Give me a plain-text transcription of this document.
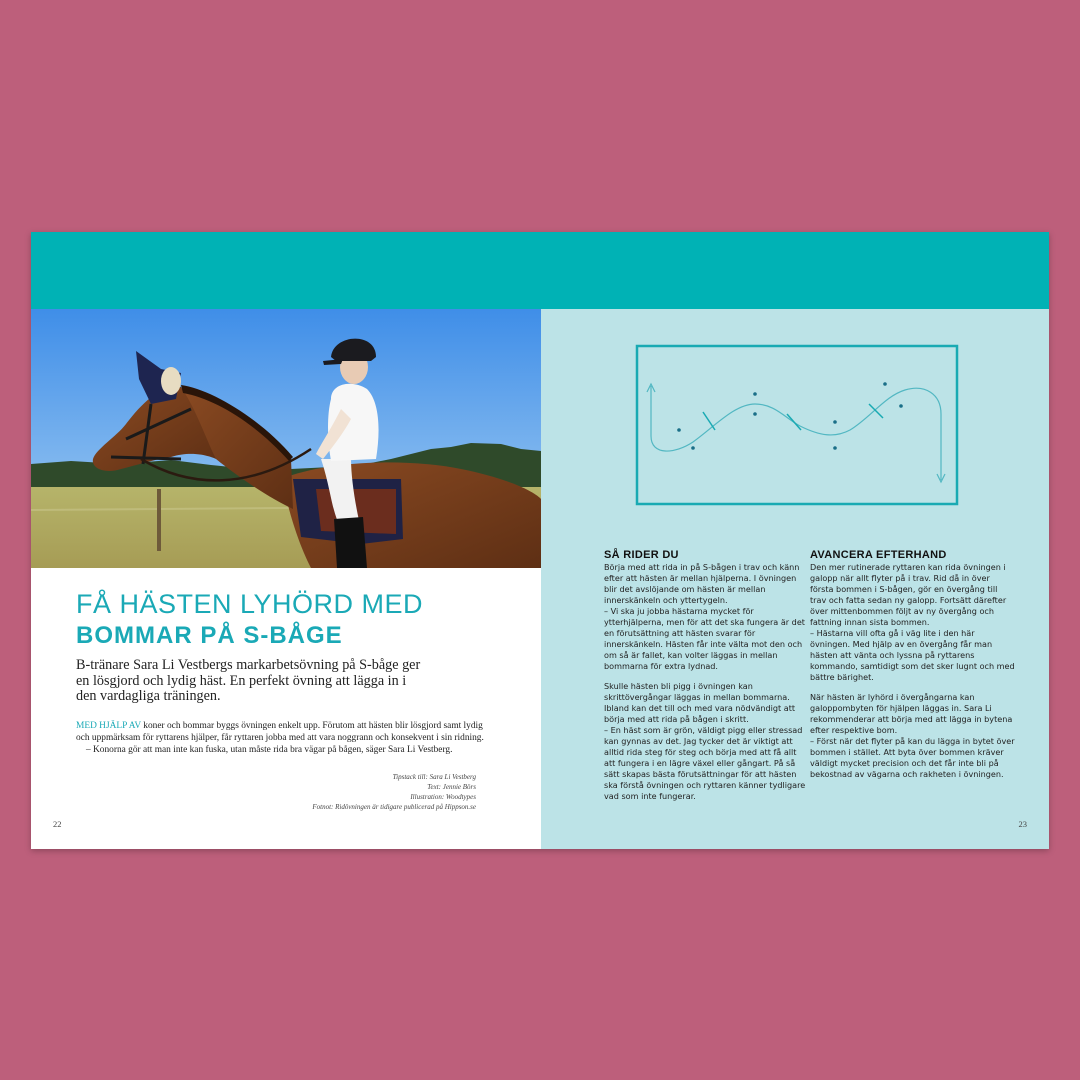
FÅ HÄSTEN LYHÖRD MED
BOMMAR PÅ S-BÅGE
B-tränare Sara Li Vestbergs markarbetsövning på S-båge ger en lösgjord och lydig häst. En perfekt övning att lägga in i den vardagliga träningen.
MED HJÄLP AV koner och bommar byggs övningen enkelt upp. Förutom att hästen blir lösgjord samt lydig och uppmärksam för ryttarens hjälper, får ryttaren jobba med att vara noggrann och konsekvent i sin ridning.
– Konorna gör att man inte kan fuska, utan måste rida bra vägar på bågen, säger Sara Li Vestberg.
Tipstack till: Sara Li Vestberg
Text: Jennie Börs
Illustration: Woodtypes
Fotnot: Ridövningen är tidigare publicerad på Hippson.se
22
SÅ RIDER DU

Börja med att rida in på S-bågen i trav och känn efter att hästen är mellan hjälperna. I övningen blir det avslöjande om hästen är mellan innerskänkeln och yttertygeln.
– Vi ska ju jobba hästarna mycket för ytterhjälperna, men för att det ska fungera är det en förutsättning att hästen svarar för innerskänkeln. Hästen får inte välta mot den och om så är fallet, kan volter läggas in mellan bommarna för extra lydnad.

Skulle hästen bli pigg i övningen kan skrittövergångar läggas in mellan bommarna. Ibland kan det till och med vara nödvändigt att börja med att rida på bågen i skritt.
– En häst som är grön, väldigt pigg eller stressad kan gynnas av det. Jag tycker det är viktigt att alltid rida steg för steg och börja med att få allt att fungera i en lägre växel eller gångart. På så sätt skapas bästa förutsättningar för att hästen ska förstå övningen och ryttaren känner tydligare vad som inte fungerar.

AVANCERA EFTERHAND

Den mer rutinerade ryttaren kan rida övningen i galopp när allt flyter på i trav. Rid då in över första bommen i S-bågen, gör en övergång till trav och fatta sedan ny galopp. Fortsätt därefter över mittenbommen följt av ny övergång och fattning innan sista bommen.
– Hästarna vill ofta gå i väg lite i den här övningen. Med hjälp av en övergång får man hästen att vänta och lyssna på ryttarens kommando, samtidigt som det sker lugnt och med bättre bärighet.

När hästen är lyhörd i övergångarna kan galoppombyten för hjälpen läggas in. Sara Li rekommenderar att börja med att lägga in bytena efter respektive bom.
– Först när det flyter på kan du lägga in bytet över bommen i stället. Att byta över bommen kräver väldigt mycket precision och det får inte bli på bekostnad av vägarna och rakheten i övningen.

23
